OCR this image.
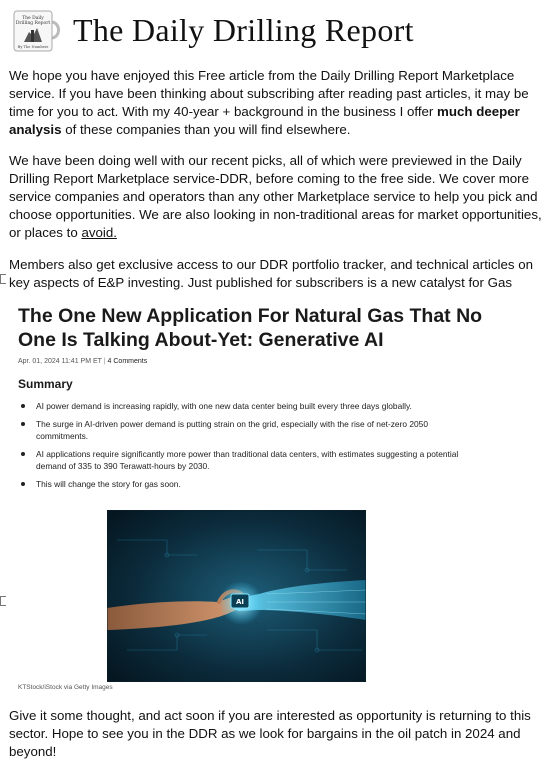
The Daily
Drilling Report
By The Numbers The Daily Drilling Report
We hope you have enjoyed this Free article from the Daily Drilling Report Marketplace service. If you have been thinking about subscribing after reading past articles, it may be time for you to act. With my 40-year + background in the business I offer much deeper analysis of these companies than you will find elsewhere.
We have been doing well with our recent picks, all of which were previewed in the Daily Drilling Report Marketplace service-DDR, before coming to the free side. We cover more service companies and operators than any other Marketplace service to help you pick and choose opportunities. We are also looking in non-traditional areas for market opportunities, or places to avoid.
Members also get exclusive access to our DDR portfolio tracker, and technical articles on key aspects of E&P investing. Just published for subscribers is a new catalyst for Gas
The One New Application For Natural Gas That No One Is Talking About-Yet: Generative AI
Apr. 01, 2024 11:41 PM ET | 4 Comments
Summary
AI power demand is increasing rapidly, with one new data center being built every three days globally.
The surge in AI-driven power demand is putting strain on the grid, especially with the rise of net-zero 2050 commitments.
AI applications require significantly more power than traditional data centers, with estimates suggesting a potential demand of 335 to 390 Terawatt-hours by 2030.
This will change the story for gas soon.
AI
KTStock/iStock via Getty Images
Give it some thought, and act soon if you are interested as opportunity is returning to this sector. Hope to see you in the DDR as we look for bargains in the oil patch in 2024 and beyond!
